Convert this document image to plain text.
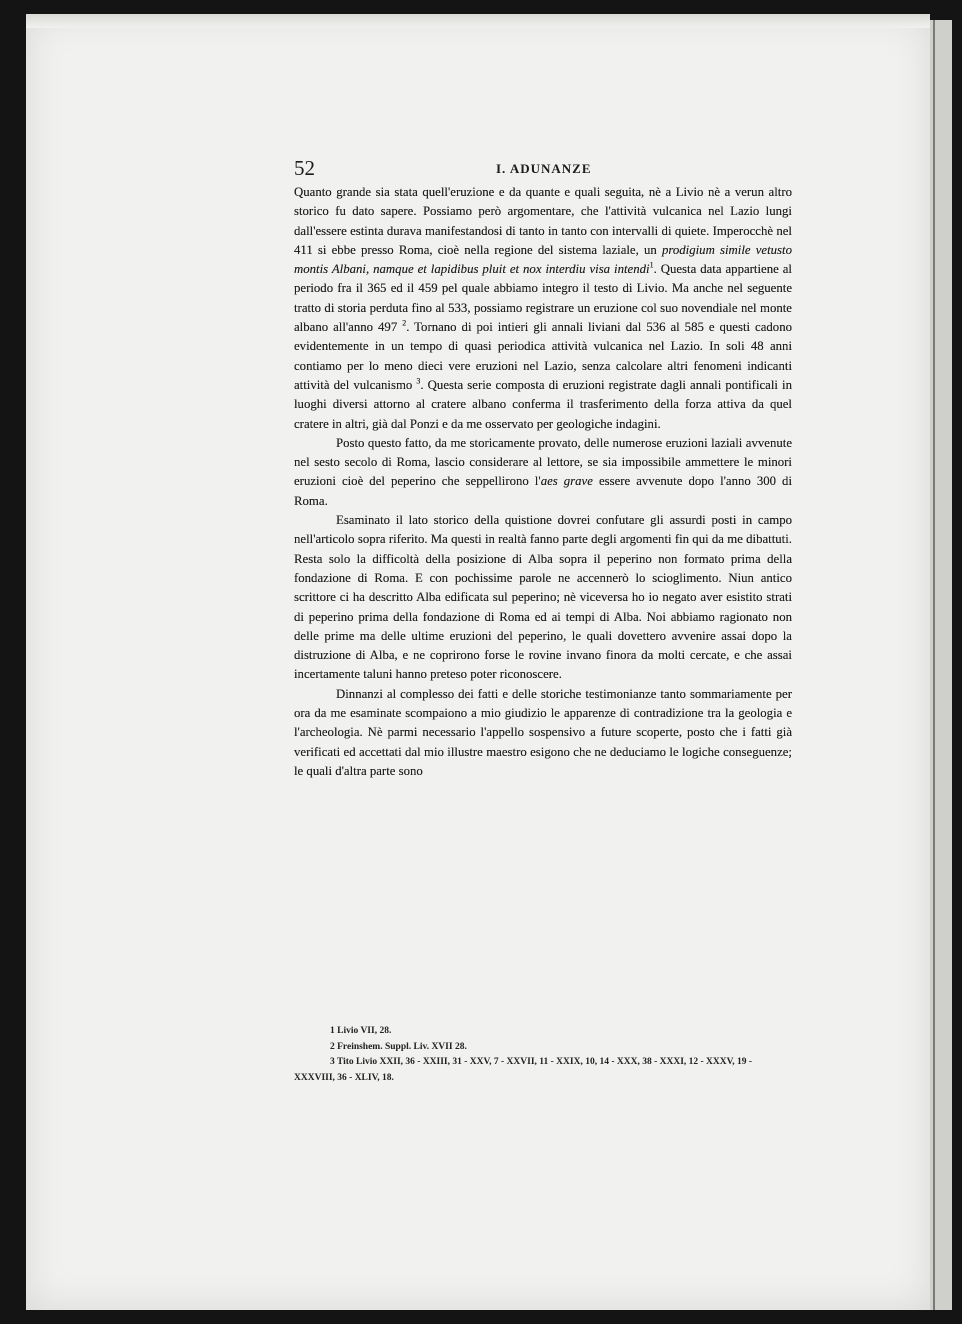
52	I. ADUNANZE

Quanto grande sia stata quell'eruzione e da quante e quali seguita, nè a Livio nè a verun altro storico fu dato sapere. Possiamo però argomentare, che l'attività vulcanica nel Lazio lungi dall'essere estinta durava manifestandosi di tanto in tanto con intervalli di quiete. Imperocchè nel 411 si ebbe presso Roma, cioè nella regione del sistema laziale, un prodigium simile vetusto montis Albani, namque et lapidibus pluit et nox interdiu visa intendi$^1$. Questa data appartiene al periodo fra il 365 ed il 459 pel quale abbiamo integro il testo di Livio. Ma anche nel seguente tratto di storia perduta fino al 533, possiamo registrare un eruzione col suo novendiale nel monte albano all'anno 497 $^2$. Tornano di poi intieri gli annali liviani dal 536 al 585 e questi cadono evidentemente in un tempo di quasi periodica attività vulcanica nel Lazio. In soli 48 anni contiamo per lo meno dieci vere eruzioni nel Lazio, senza calcolare altri fenomeni indicanti attività del vulcanismo $^3$. Questa serie composta di eruzioni registrate dagli annali pontificali in luoghi diversi attorno al cratere albano conferma il trasferimento della forza attiva da quel cratere in altri, già dal Ponzi e da me osservato per geologiche indagini.

Posto questo fatto, da me storicamente provato, delle numerose eruzioni laziali avvenute nel sesto secolo di Roma, lascio considerare al lettore, se sia impossibile ammettere le minori eruzioni cioè del peperino che seppellirono l'aes grave essere avvenute dopo l'anno 300 di Roma.

Esaminato il lato storico della quistione dovrei confutare gli assurdi posti in campo nell'articolo sopra riferito. Ma questi in realtà fanno parte degli argomenti fin qui da me dibattuti. Resta solo la difficoltà della posizione di Alba sopra il peperino non formato prima della fondazione di Roma. E con pochissime parole ne accennerò lo scioglimento. Niun antico scrittore ci ha descritto Alba edificata sul peperino; nè viceversa ho io negato aver esistito strati di peperino prima della fondazione di Roma ed ai tempi di Alba. Noi abbiamo ragionato non delle prime ma delle ultime eruzioni del peperino, le quali dovettero avvenire assai dopo la distruzione di Alba, e ne coprirono forse le rovine invano finora da molti cercate, e che assai incertamente taluni hanno preteso poter riconoscere.

Dinnanzi al complesso dei fatti e delle storiche testimonianze tanto sommariamente per ora da me esaminate scompaiono a mio giudizio le apparenze di contradizione tra la geologia e l'archeologia. Nè parmi necessario l'appello sospensivo a future scoperte, posto che i fatti già verificati ed accettati dal mio illustre maestro esigono che ne deduciamo le logiche conseguenze; le quali d'altra parte sono

1 Livio VII, 28.

2 Freinshem. Suppl. Liv. XVII 28.

3 Tito Livio XXII, 36 - XXIII, 31 - XXV, 7 - XXVII, 11 - XXIX, 10, 14 - XXX, 38 - XXXI, 12 - XXXV, 19 - XXXVIII, 36 - XLIV, 18.
